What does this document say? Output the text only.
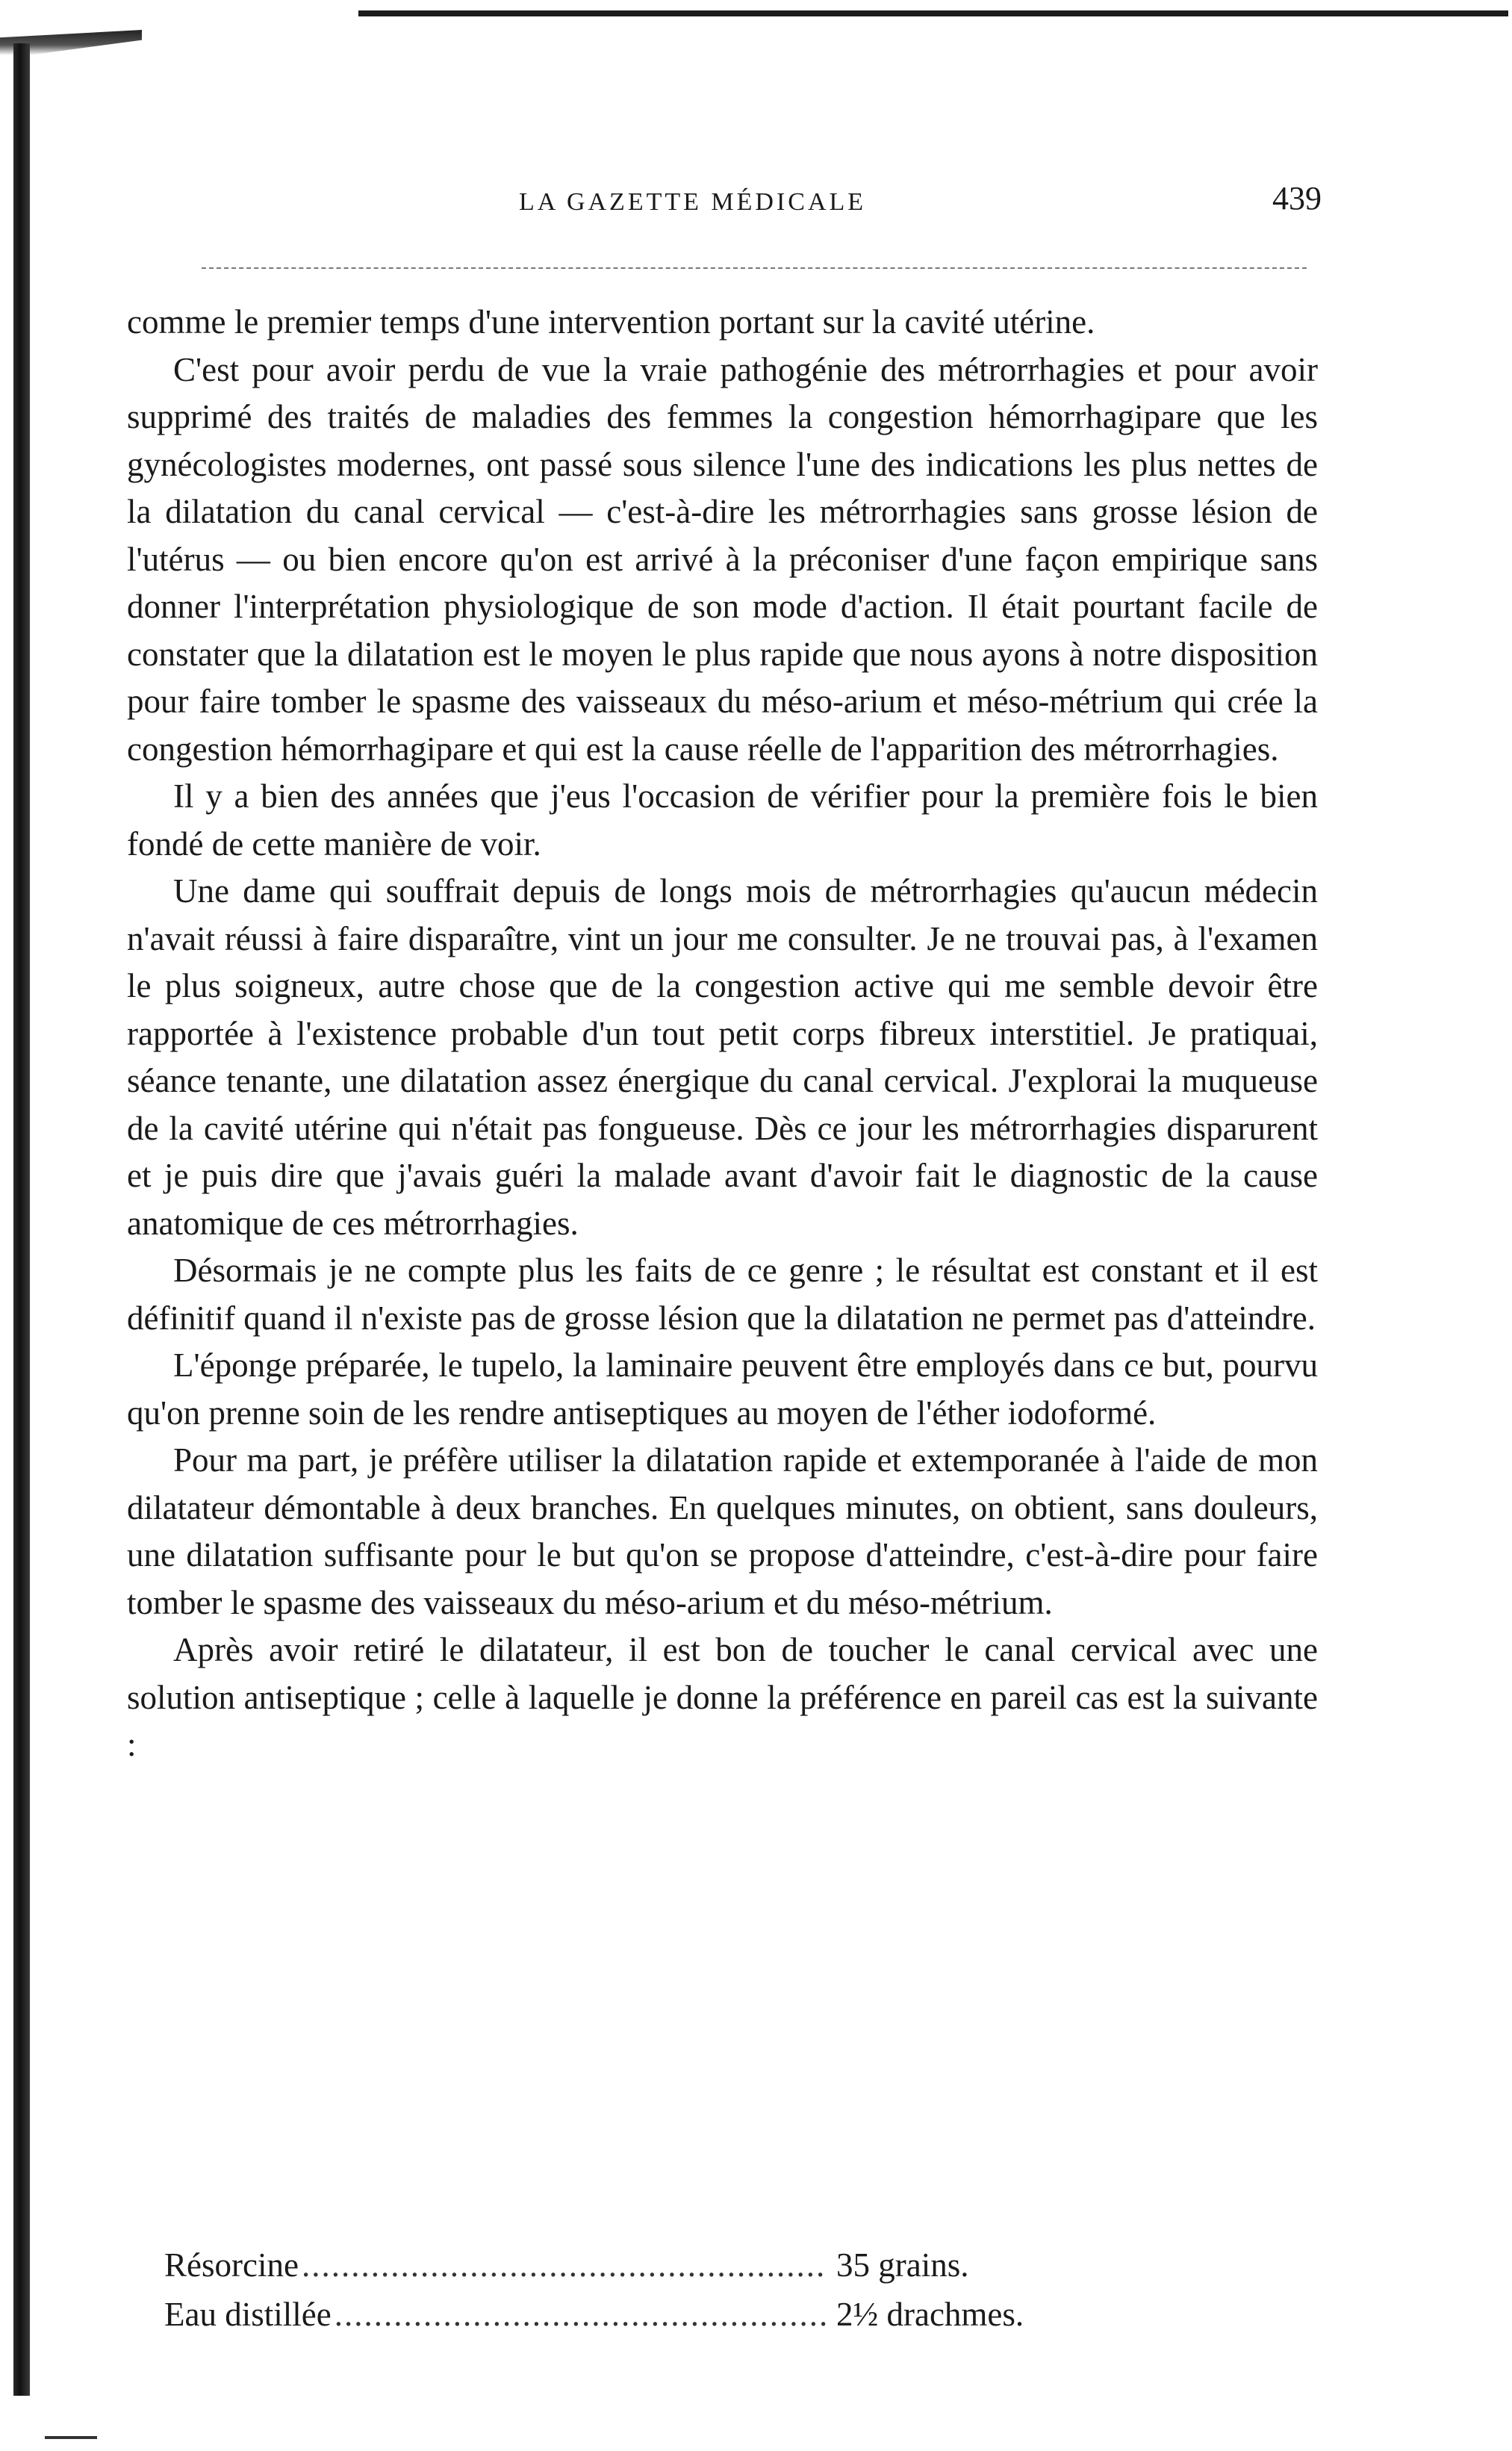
LA GAZETTE MÉDICALE	439

comme le premier temps d'une intervention portant sur la cavité utérine.

C'est pour avoir perdu de vue la vraie pathogénie des métrorrhagies et pour avoir supprimé des traités de maladies des femmes la congestion hémorrhagipare que les gynécologistes modernes, ont passé sous silence l'une des indications les plus nettes de la dilatation du canal cervical — c'est-à-dire les métrorrhagies sans grosse lésion de l'utérus — ou bien encore qu'on est arrivé à la préconiser d'une façon empirique sans donner l'interprétation physiologique de son mode d'action. Il était pourtant facile de constater que la dilatation est le moyen le plus rapide que nous ayons à notre disposition pour faire tomber le spasme des vaisseaux du méso-arium et méso-métrium qui crée la congestion hémorrhagipare et qui est la cause réelle de l'apparition des métrorrhagies.

Il y a bien des années que j'eus l'occasion de vérifier pour la première fois le bien fondé de cette manière de voir.

Une dame qui souffrait depuis de longs mois de métrorrhagies qu'aucun médecin n'avait réussi à faire disparaître, vint un jour me consulter. Je ne trouvai pas, à l'examen le plus soigneux, autre chose que de la congestion active qui me semble devoir être rapportée à l'existence probable d'un tout petit corps fibreux interstitiel. Je pratiquai, séance tenante, une dilatation assez énergique du canal cervical. J'explorai la muqueuse de la cavité utérine qui n'était pas fongueuse. Dès ce jour les métrorrhagies disparurent et je puis dire que j'avais guéri la malade avant d'avoir fait le diagnostic de la cause anatomique de ces métrorrhagies.

Désormais je ne compte plus les faits de ce genre ; le résultat est constant et il est définitif quand il n'existe pas de grosse lésion que la dilatation ne permet pas d'atteindre.

L'éponge préparée, le tupelo, la laminaire peuvent être employés dans ce but, pourvu qu'on prenne soin de les rendre antiseptiques au moyen de l'éther iodoformé.

Pour ma part, je préfère utiliser la dilatation rapide et extemporanée à l'aide de mon dilatateur démontable à deux branches. En quelques minutes, on obtient, sans douleurs, une dilatation suffisante pour le but qu'on se propose d'atteindre, c'est-à-dire pour faire tomber le spasme des vaisseaux du méso-arium et du méso-métrium.

Après avoir retiré le dilatateur, il est bon de toucher le canal cervical avec une solution antiseptique ; celle à laquelle je donne la préférence en pareil cas est la suivante :

Résorcine .....	35 grains.
Eau distillée .....	2½ drachmes.
